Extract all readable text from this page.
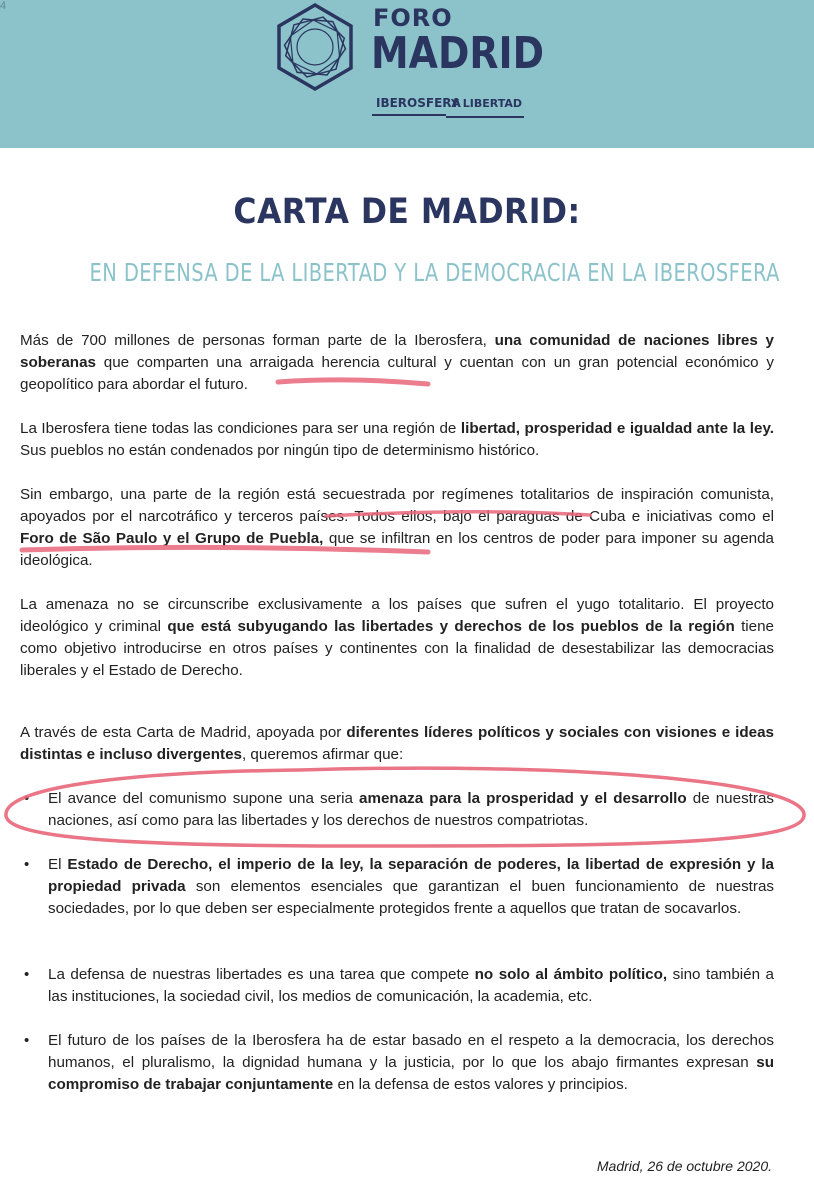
4	FORO
MADRID
IBEROSFERA
Y LIBERTAD
CARTA DE MADRID:
EN DEFENSA DE LA LIBERTAD Y LA DEMOCRACIA EN LA IBEROSFERA

Más de 700 millones de personas forman parte de la Iberosfera, una comunidad de naciones libres y soberanas que comparten una arraigada herencia cultural y cuentan con un gran potencial económico y geopolítico para abordar el futuro.

La Iberosfera tiene todas las condiciones para ser una región de libertad, prosperidad e igualdad ante la ley. Sus pueblos no están condenados por ningún tipo de determinismo histórico.

Sin embargo, una parte de la región está secuestrada por regímenes totalitarios de inspiración comunista, apoyados por el narcotráfico y terceros países. Todos ellos, bajo el paraguas de Cuba e iniciativas como el Foro de São Paulo y el Grupo de Puebla, que se infiltran en los centros de poder para imponer su agenda ideológica.

La amenaza no se circunscribe exclusivamente a los países que sufren el yugo totalitario. El proyecto ideológico y criminal que está subyugando las libertades y derechos de los pueblos de la región tiene como objetivo introducirse en otros países y continentes con la finalidad de desestabilizar las democracias liberales y el Estado de Derecho.

A través de esta Carta de Madrid, apoyada por diferentes líderes políticos y sociales con visiones e ideas distintas e incluso divergentes, queremos afirmar que:

• El avance del comunismo supone una seria amenaza para la prosperidad y el desarrollo de nuestras naciones, así como para las libertades y los derechos de nuestros compatriotas.

• El Estado de Derecho, el imperio de la ley, la separación de poderes, la libertad de expresión y la propiedad privada son elementos esenciales que garantizan el buen funcionamiento de nuestras sociedades, por lo que deben ser especialmente protegidos frente a aquellos que tratan de socavarlos.

• La defensa de nuestras libertades es una tarea que compete no solo al ámbito político, sino también a las instituciones, la sociedad civil, los medios de comunicación, la academia, etc.

• El futuro de los países de la Iberosfera ha de estar basado en el respeto a la democracia, los derechos humanos, el pluralismo, la dignidad humana y la justicia, por lo que los abajo firmantes expresan su compromiso de trabajar conjuntamente en la defensa de estos valores y principios.

Madrid, 26 de octubre 2020.
